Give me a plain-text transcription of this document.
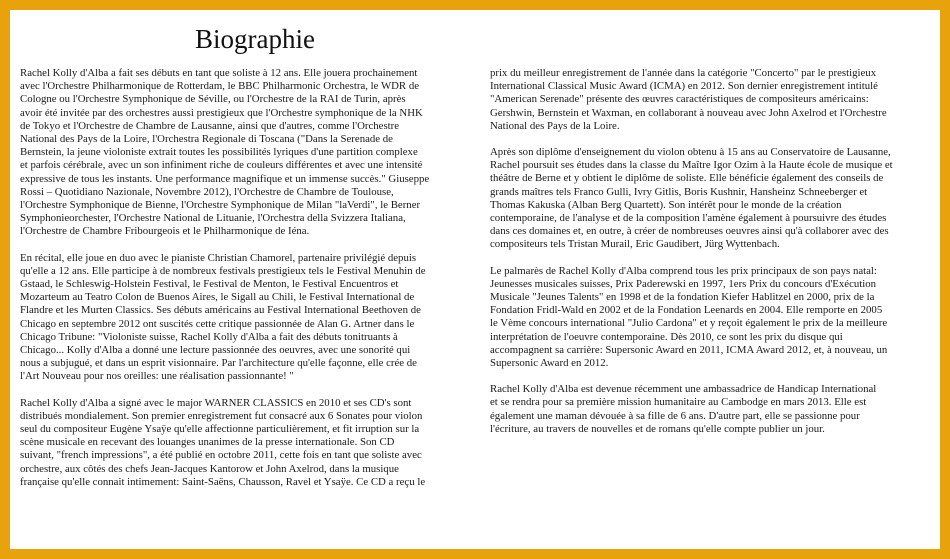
Biographie

Rachel Kolly d'Alba a fait ses débuts en tant que soliste à 12 ans. Elle jouera prochainement
avec l'Orchestre Philharmonique de Rotterdam, le BBC Philharmonic Orchestra, le WDR de
Cologne ou l'Orchestre Symphonique de Séville, ou l'Orchestre de la RAI de Turin, après
avoir été invitée par des orchestres aussi prestigieux que l'Orchestre symphonique de la NHK
de Tokyo et l'Orchestre de Chambre de Lausanne, ainsi que d'autres, comme l'Orchestre
National des Pays de la Loire, l'Orchestra Regionale di Toscana ("Dans la Serenade de
Bernstein, la jeune violoniste extrait toutes les possibilités lyriques d'une partition complexe
et parfois cérébrale, avec un son infiniment riche de couleurs différentes et avec une intensité
expressive de tous les instants. Une performance magnifique et un immense succès." Giuseppe
Rossi – Quotidiano Nazionale, Novembre 2012), l'Orchestre de Chambre de Toulouse,
l'Orchestre Symphonique de Bienne, l'Orchestre Symphonique de Milan "laVerdi", le Berner
Symphonieorchester, l'Orchestre National de Lituanie, l'Orchestra della Svizzera Italiana,
l'Orchestre de Chambre Fribourgeois et le Philharmonique de Iéna.

En récital, elle joue en duo avec le pianiste Christian Chamorel, partenaire privilégié depuis
qu'elle a 12 ans. Elle participe à de nombreux festivals prestigieux tels le Festival Menuhin de
Gstaad, le Schleswig-Holstein Festival, le Festival de Menton, le Festival Encuentros et
Mozarteum au Teatro Colon de Buenos Aires, le Sigall au Chili, le Festival International de
Flandre et les Murten Classics. Ses débuts américains au Festival International Beethoven de
Chicago en septembre 2012 ont suscités cette critique passionnée de Alan G. Artner dans le
Chicago Tribune: "Violoniste suisse, Rachel Kolly d'Alba a fait des débuts tonitruants à
Chicago... Kolly d'Alba a donné une lecture passionnée des oeuvres, avec une sonorité qui
nous a subjugué, et dans un esprit visionnaire. Par l'architecture qu'elle façonne, elle crée de
l'Art Nouveau pour nos oreilles: une réalisation passionnante! "

Rachel Kolly d'Alba a signé avec le major WARNER CLASSICS en 2010 et ses CD's sont
distribués mondialement. Son premier enregistrement fut consacré aux 6 Sonates pour violon
seul du compositeur Eugène Ysaÿe qu'elle affectionne particulièrement, et fit irruption sur la
scène musicale en recevant des louanges unanimes de la presse internationale. Son CD
suivant, "french impressions", a été publié en octobre 2011, cette fois en tant que soliste avec
orchestre, aux côtés des chefs Jean-Jacques Kantorow et John Axelrod, dans la musique
française qu'elle connait intimement: Saint-Saëns, Chausson, Ravel et Ysaÿe. Ce CD a reçu le

prix du meilleur enregistrement de l'année dans la catégorie "Concerto" par le prestigieux
International Classical Music Award (ICMA) en 2012. Son dernier enregistrement intitulé
"American Serenade" présente des œuvres caractéristiques de compositeurs américains:
Gershwin, Bernstein et Waxman, en collaborant à nouveau avec John Axelrod et l'Orchestre
National des Pays de la Loire.

Après son diplôme d'enseignement du violon obtenu à 15 ans au Conservatoire de Lausanne,
Rachel poursuit ses études dans la classe du Maître Igor Ozim à la Haute école de musique et
théâtre de Berne et y obtient le diplôme de soliste. Elle bénéficie également des conseils de
grands maîtres tels Franco Gulli, Ivry Gitlis, Boris Kushnir, Hansheinz Schneeberger et
Thomas Kakuska (Alban Berg Quartett). Son intérêt pour le monde de la création
contemporaine, de l'analyse et de la composition l'amène également à poursuivre des études
dans ces domaines et, en outre, à créer de nombreuses oeuvres ainsi qu'à collaborer avec des
compositeurs tels Tristan Murail, Eric Gaudibert, Jürg Wyttenbach.

Le palmarès de Rachel Kolly d'Alba comprend tous les prix principaux de son pays natal:
Jeunesses musicales suisses, Prix Paderewski en 1997, 1ers Prix du concours d'Exécution
Musicale "Jeunes Talents" en 1998 et de la fondation Kiefer Hablitzel en 2000, prix de la
Fondation Fridl-Wald en 2002 et de la Fondation Leenards en 2004. Elle remporte en 2005
le Vème concours international "Julio Cardona" et y reçoit également le prix de la meilleure
interprétation de l'oeuvre contemporaine. Dès 2010, ce sont les prix du disque qui
accompagnent sa carrière: Supersonic Award en 2011, ICMA Award 2012, et, à nouveau, un
Supersonic Award en 2012.

Rachel Kolly d'Alba est devenue récemment une ambassadrice de Handicap International
et se rendra pour sa première mission humanitaire au Cambodge en mars 2013. Elle est
également une maman dévouée à sa fille de 6 ans. D'autre part, elle se passionne pour
l'écriture, au travers de nouvelles et de romans qu'elle compte publier un jour.
